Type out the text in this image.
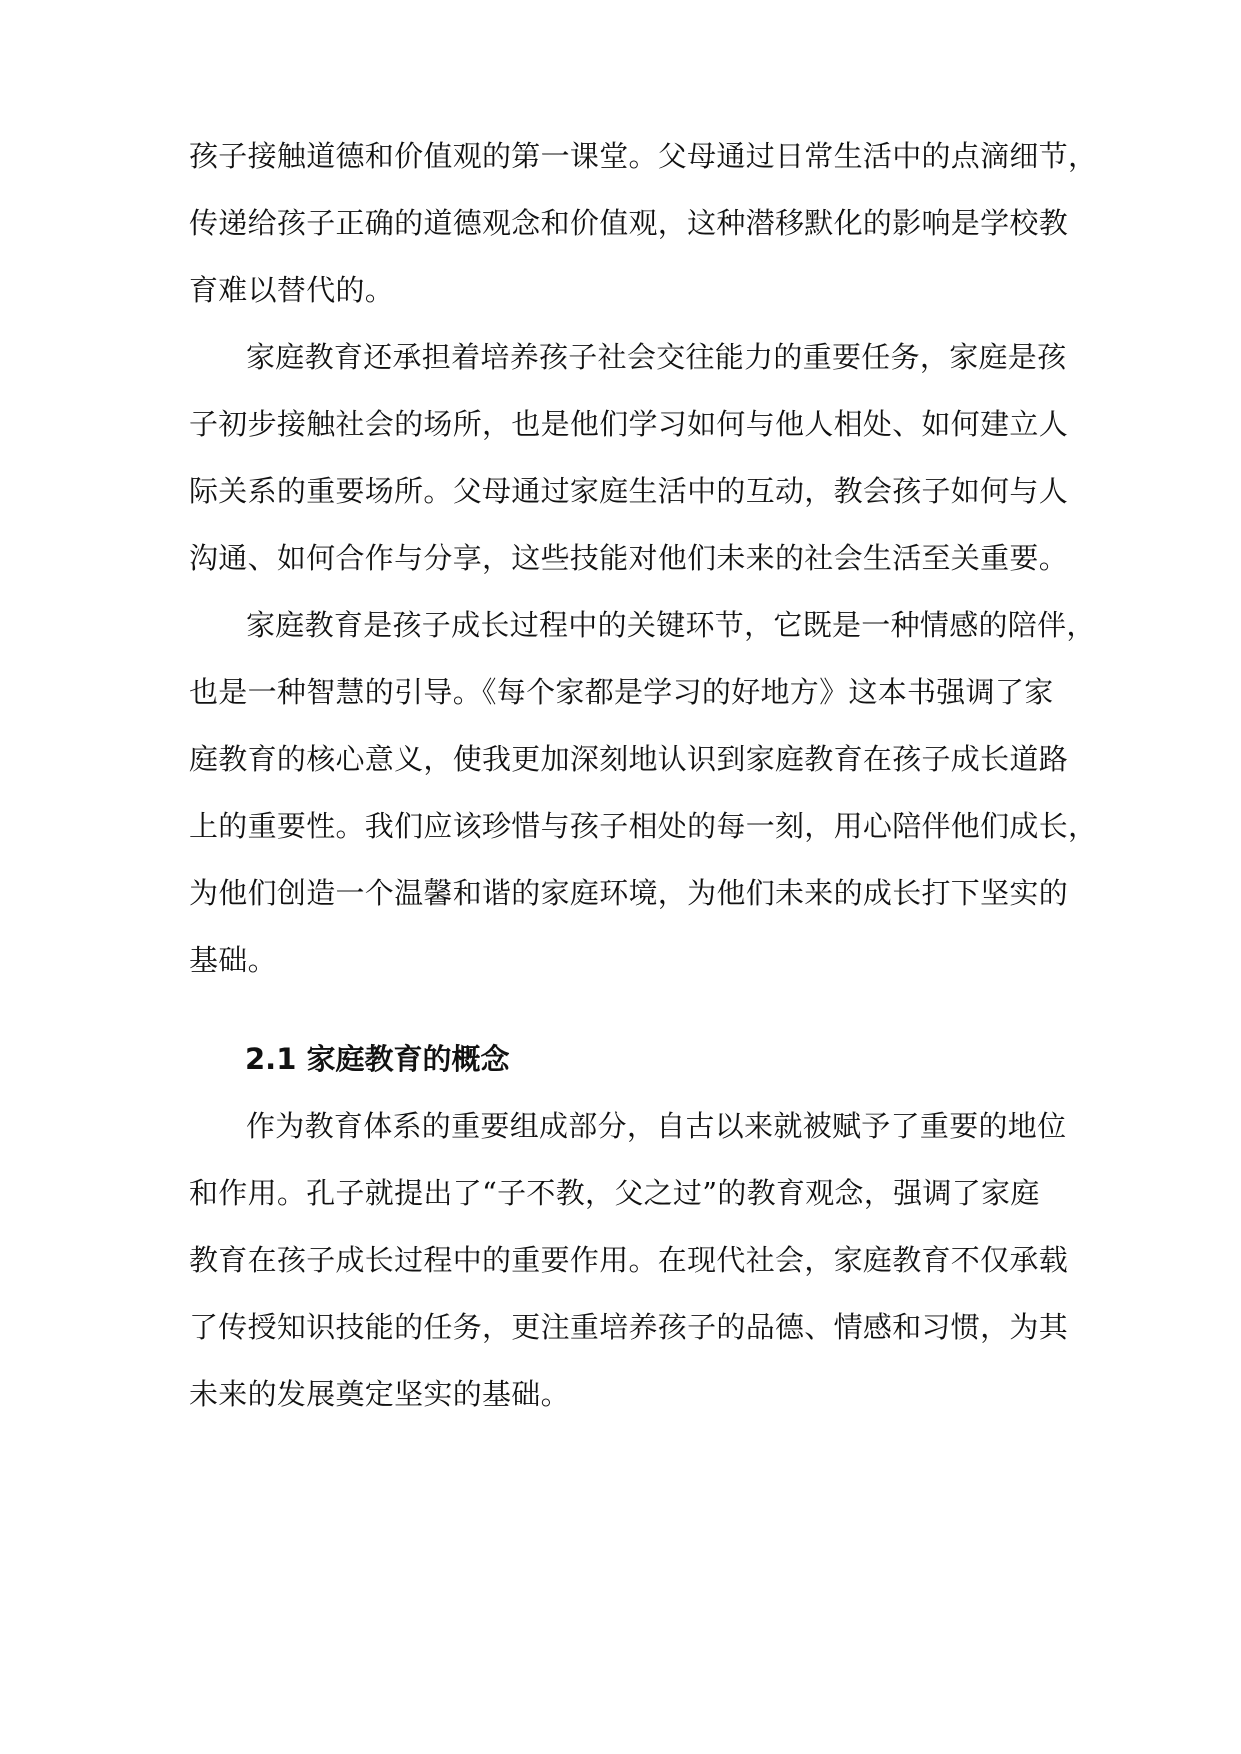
孩子接触道德和价值观的第一课堂。父母通过日常生活中的点滴细节，
传递给孩子正确的道德观念和价值观，这种潜移默化的影响是学校教
育难以替代的。
家庭教育还承担着培养孩子社会交往能力的重要任务，家庭是孩
子初步接触社会的场所，也是他们学习如何与他人相处、如何建立人
际关系的重要场所。父母通过家庭生活中的互动，教会孩子如何与人
沟通、如何合作与分享，这些技能对他们未来的社会生活至关重要。
家庭教育是孩子成长过程中的关键环节，它既是一种情感的陪伴，
也是一种智慧的引导。《每个家都是学习的好地方》这本书强调了家
庭教育的核心意义，使我更加深刻地认识到家庭教育在孩子成长道路
上的重要性。我们应该珍惜与孩子相处的每一刻，用心陪伴他们成长，
为他们创造一个温馨和谐的家庭环境，为他们未来的成长打下坚实的
基础。
2.1 家庭教育的概念
作为教育体系的重要组成部分，自古以来就被赋予了重要的地位
和作用。孔子就提出了“子不教，父之过”的教育观念，强调了家庭
教育在孩子成长过程中的重要作用。在现代社会，家庭教育不仅承载
了传授知识技能的任务，更注重培养孩子的品德、情感和习惯，为其
未来的发展奠定坚实的基础。
